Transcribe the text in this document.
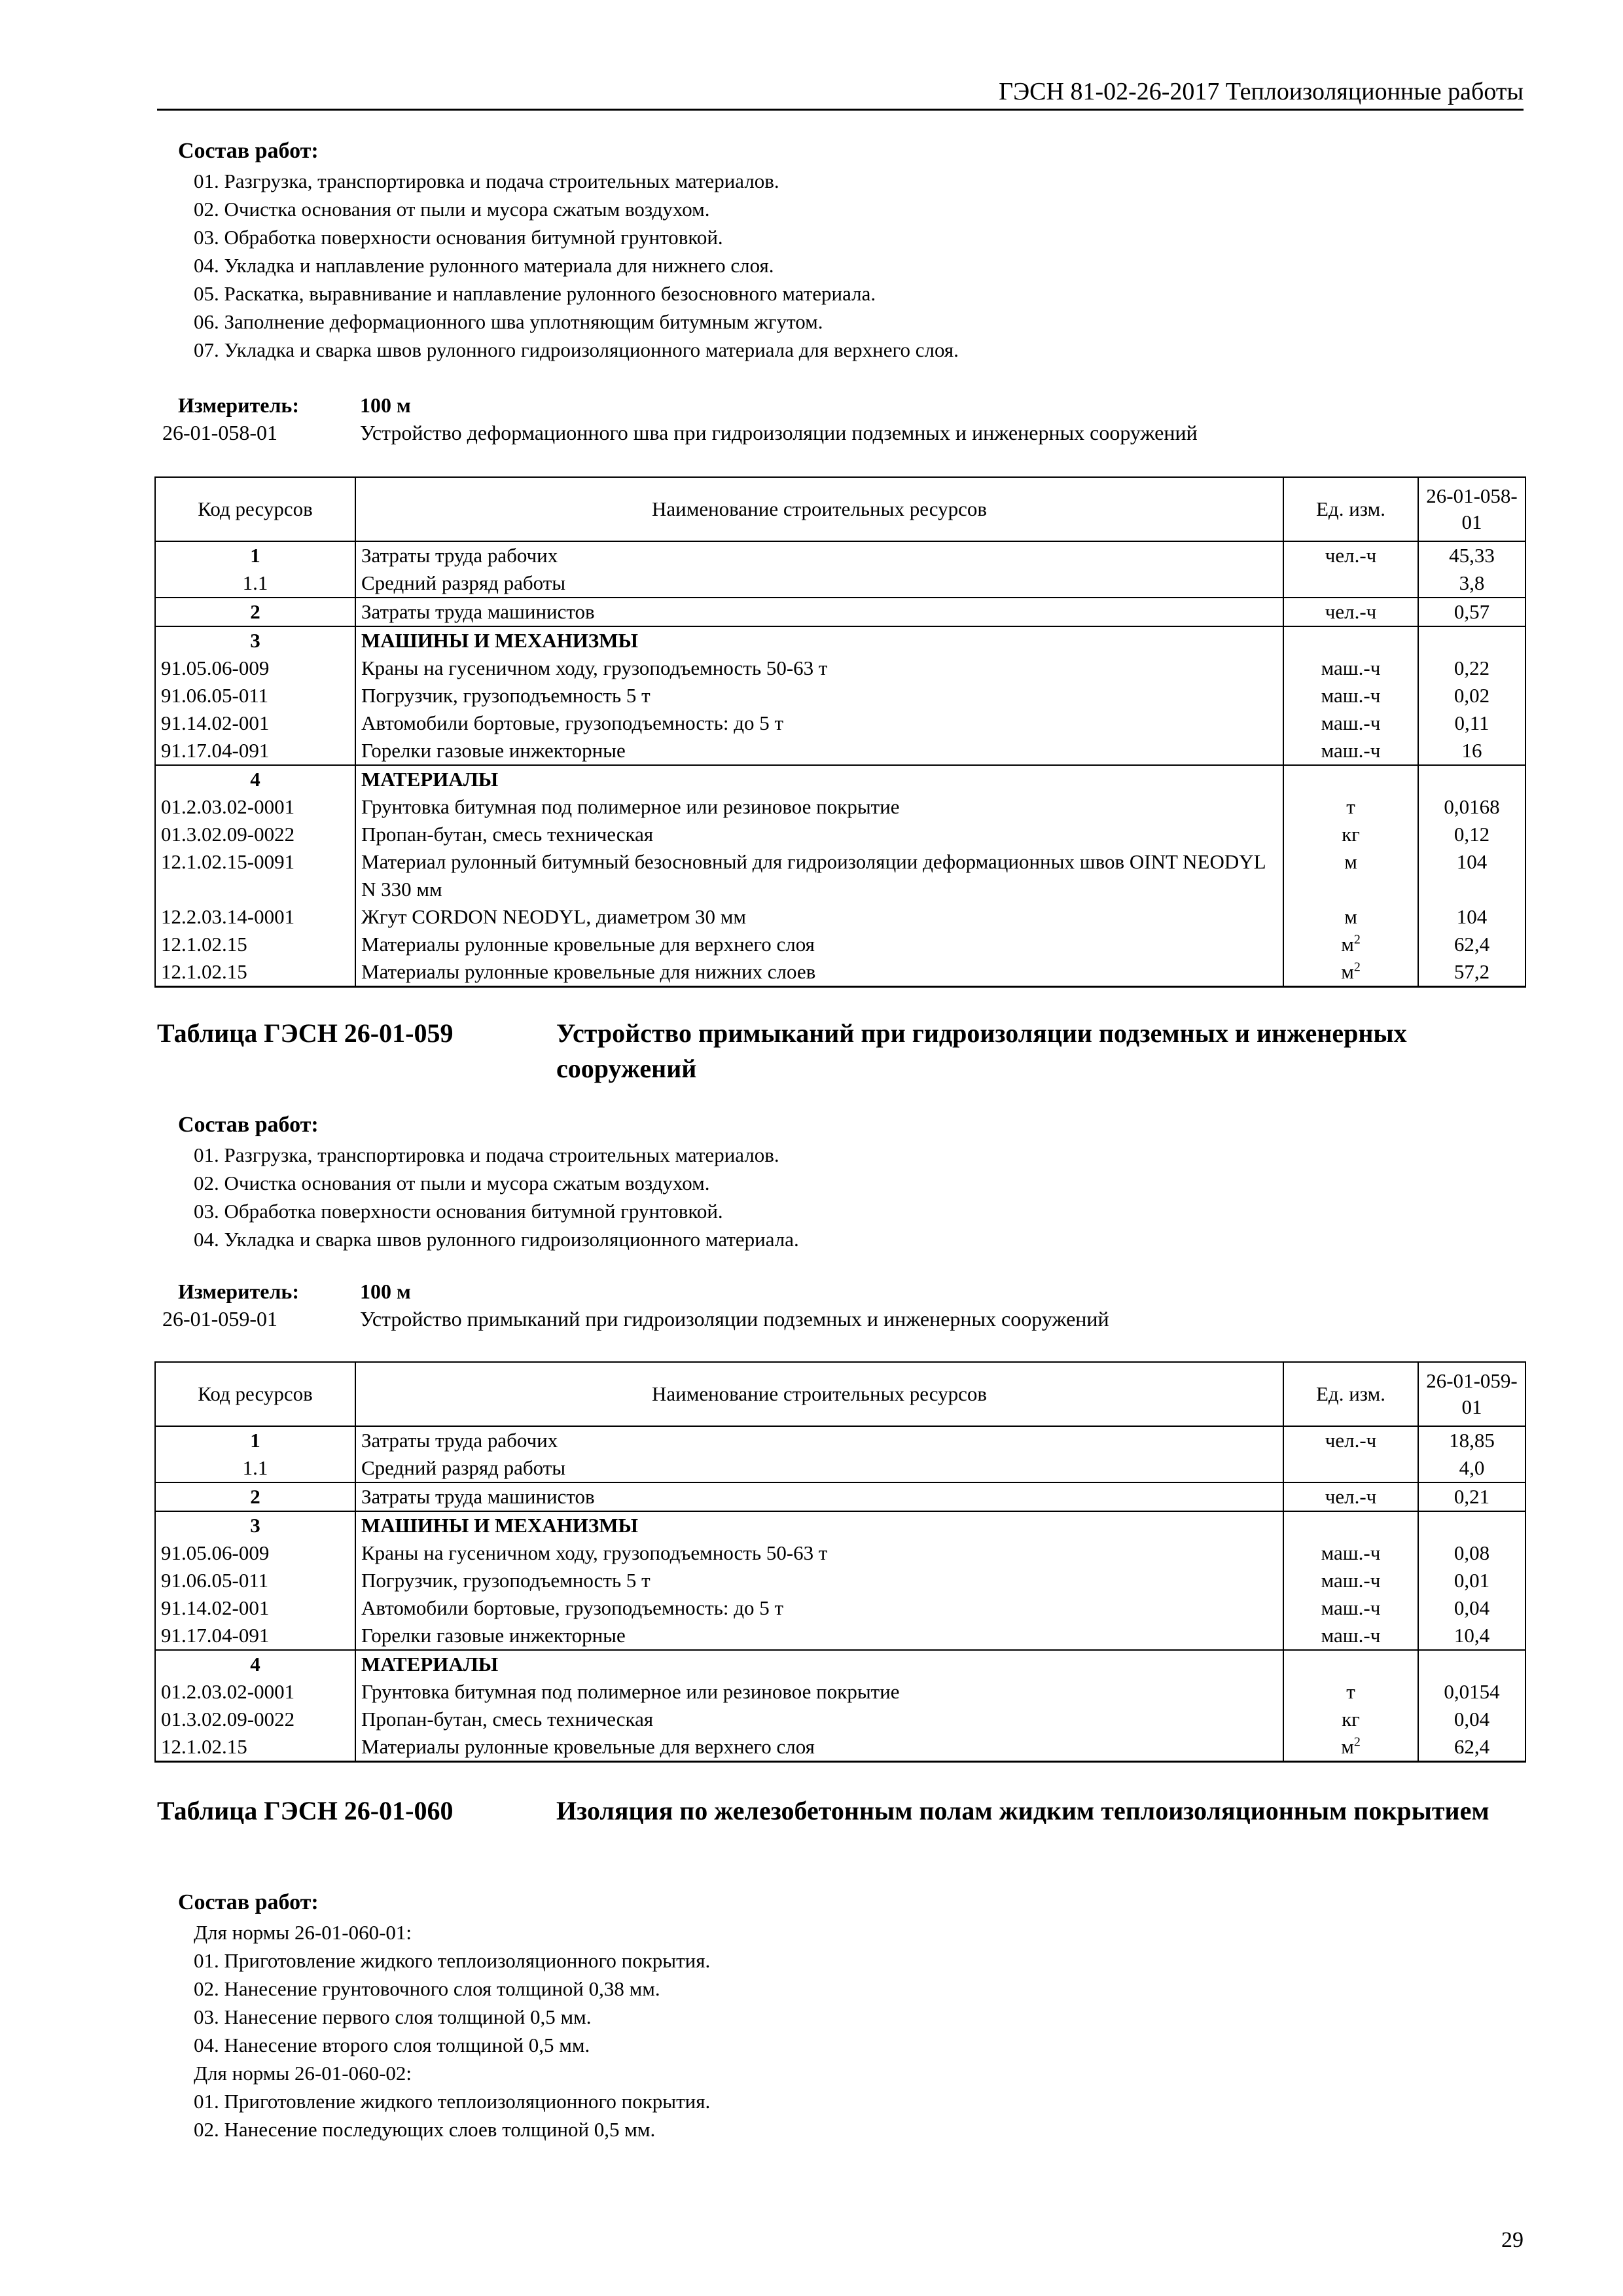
ГЭСН 81-02-26-2017 Теплоизоляционные работы
Состав работ:
01. Разгрузка, транспортировка и подача строительных материалов.
02. Очистка основания от пыли и мусора сжатым воздухом.
03. Обработка поверхности основания битумной грунтовкой.
04. Укладка и наплавление рулонного материала для нижнего слоя.
05. Раскатка, выравнивание и наплавление рулонного безосновного материала.
06. Заполнение деформационного шва уплотняющим битумным жгутом.
07. Укладка и сварка швов рулонного гидроизоляционного материала для верхнего слоя.
Измеритель:	100 м
26-01-058-01	Устройство деформационного шва при гидроизоляции подземных и инженерных сооружений
Код ресурсов	Наименование строительных ресурсов	Ед. изм.	26-01-058-01
1	Затраты труда рабочих	чел.-ч	45,33
1.1	Средний разряд работы		3,8
2	Затраты труда машинистов	чел.-ч	0,57
3	МАШИНЫ И МЕХАНИЗМЫ		
91.05.06-009	Краны на гусеничном ходу, грузоподъемность 50-63 т	маш.-ч	0,22
91.06.05-011	Погрузчик, грузоподъемность 5 т	маш.-ч	0,02
91.14.02-001	Автомобили бортовые, грузоподъемность: до 5 т	маш.-ч	0,11
91.17.04-091	Горелки газовые инжекторные	маш.-ч	16
4	МАТЕРИАЛЫ		
01.2.03.02-0001	Грунтовка битумная под полимерное или резиновое покрытие	т	0,0168
01.3.02.09-0022	Пропан-бутан, смесь техническая	кг	0,12
12.1.02.15-0091	Материал рулонный битумный безосновный для гидроизоляции деформационных швов OINT NEODYL N 330 мм	м	104
12.2.03.14-0001	Жгут CORDON NEODYL, диаметром 30 мм	м	104
12.1.02.15	Материалы рулонные кровельные для верхнего слоя	$м^2$	62,4
12.1.02.15	Материалы рулонные кровельные для нижних слоев	$м^2$	57,2
Таблица ГЭСН 26-01-059	Устройство примыканий при гидроизоляции подземных и инженерных сооружений
Состав работ:
01. Разгрузка, транспортировка и подача строительных материалов.
02. Очистка основания от пыли и мусора сжатым воздухом.
03. Обработка поверхности основания битумной грунтовкой.
04. Укладка и сварка швов рулонного гидроизоляционного материала.
Измеритель:	100 м
26-01-059-01	Устройство примыканий при гидроизоляции подземных и инженерных сооружений
Код ресурсов	Наименование строительных ресурсов	Ед. изм.	26-01-059-01
1	Затраты труда рабочих	чел.-ч	18,85
1.1	Средний разряд работы		4,0
2	Затраты труда машинистов	чел.-ч	0,21
3	МАШИНЫ И МЕХАНИЗМЫ		
91.05.06-009	Краны на гусеничном ходу, грузоподъемность 50-63 т	маш.-ч	0,08
91.06.05-011	Погрузчик, грузоподъемность 5 т	маш.-ч	0,01
91.14.02-001	Автомобили бортовые, грузоподъемность: до 5 т	маш.-ч	0,04
91.17.04-091	Горелки газовые инжекторные	маш.-ч	10,4
4	МАТЕРИАЛЫ		
01.2.03.02-0001	Грунтовка битумная под полимерное или резиновое покрытие	т	0,0154
01.3.02.09-0022	Пропан-бутан, смесь техническая	кг	0,04
12.1.02.15	Материалы рулонные кровельные для верхнего слоя	$м^2$	62,4
Таблица ГЭСН 26-01-060	Изоляция по железобетонным полам жидким теплоизоляционным покрытием
Состав работ:
Для нормы 26-01-060-01:
01. Приготовление жидкого теплоизоляционного покрытия.
02. Нанесение грунтовочного слоя толщиной 0,38 мм.
03. Нанесение первого слоя толщиной 0,5 мм.
04. Нанесение второго слоя толщиной 0,5 мм.
Для нормы 26-01-060-02:
01. Приготовление жидкого теплоизоляционного покрытия.
02. Нанесение последующих слоев толщиной 0,5 мм.
29
